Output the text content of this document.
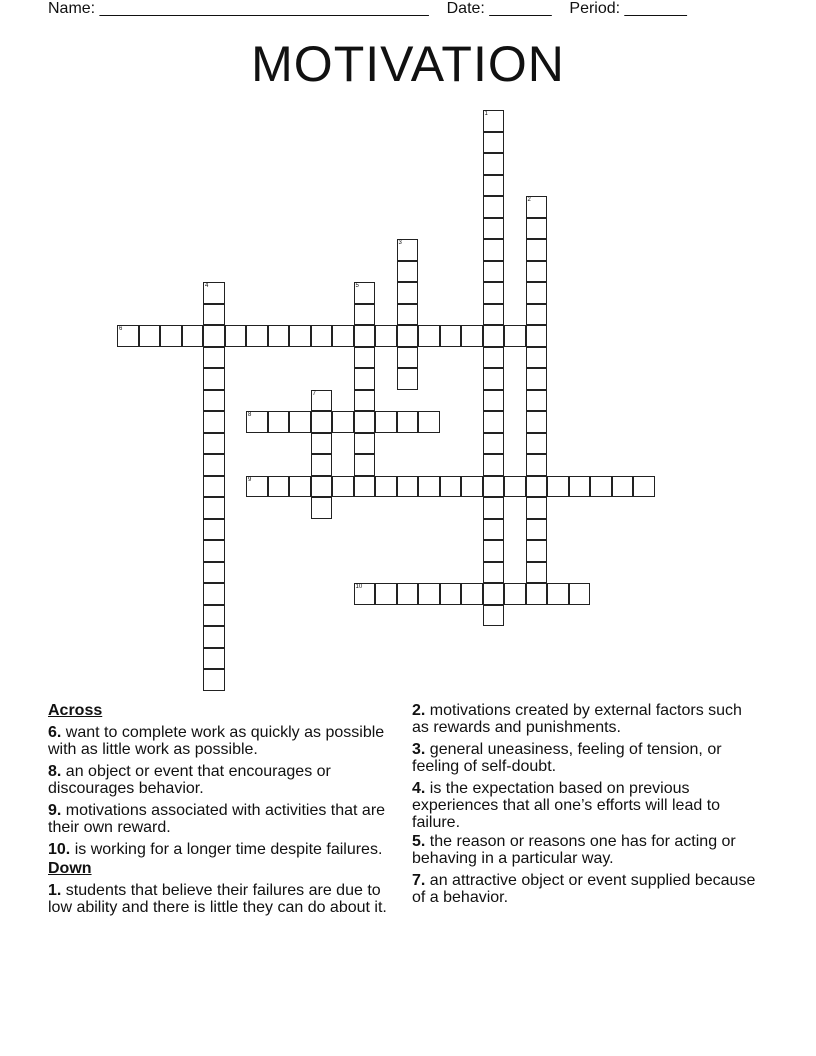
Name: _____________________________________ Date: _______ Period: _______
MOTIVATION
1
2
3
4	5
6
7
8
9
10
Across
6. want to complete work as quickly as possible with as little work as possible.
8. an object or event that encourages or discourages behavior.
9. motivations associated with activities that are their own reward.
10. is working for a longer time despite failures.
Down
1. students that believe their failures are due to low ability and there is little they can do about it.
2. motivations created by external factors such as rewards and punishments.
3. general uneasiness, feeling of tension, or feeling of self-doubt.
4. is the expectation based on previous experiences that all one’s efforts will lead to failure.
5. the reason or reasons one has for acting or behaving in a particular way.
7. an attractive object or event supplied because of a behavior.
